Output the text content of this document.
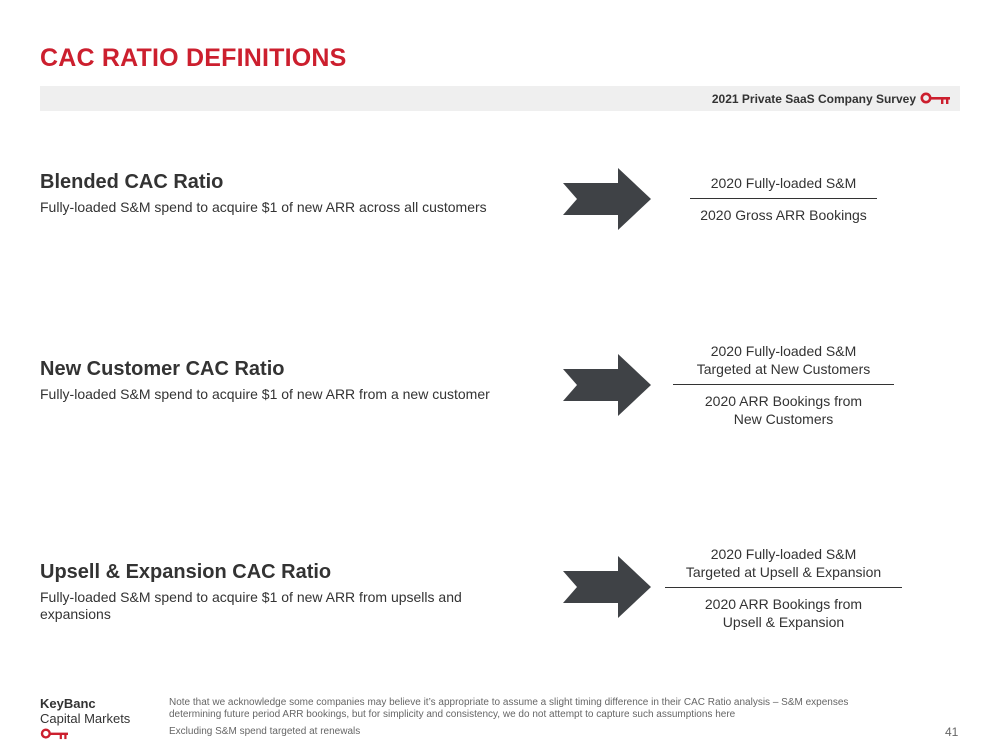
CAC RATIO DEFINITIONS
2021 Private SaaS Company Survey
Blended CAC Ratio
Fully-loaded S&M spend to acquire $1 of new ARR across all customers
2020 Fully-loaded S&M
2020 Gross ARR Bookings
New Customer CAC Ratio
Fully-loaded S&M spend to acquire $1 of new ARR from a new customer
2020 Fully-loaded S&M
Targeted at New Customers
2020 ARR Bookings from
New Customers
Upsell & Expansion CAC Ratio
Fully-loaded S&M spend to acquire $1 of new ARR from upsells and expansions
2020 Fully-loaded S&M
Targeted at Upsell & Expansion
2020 ARR Bookings from
Upsell & Expansion
KeyBanc
Capital Markets
Note that we acknowledge some companies may believe it’s appropriate to assume a slight timing difference in their CAC Ratio analysis – S&M expenses determining future period ARR bookings, but for simplicity and consistency, we do not attempt to capture such assumptions here
Excluding S&M spend targeted at renewals	41
